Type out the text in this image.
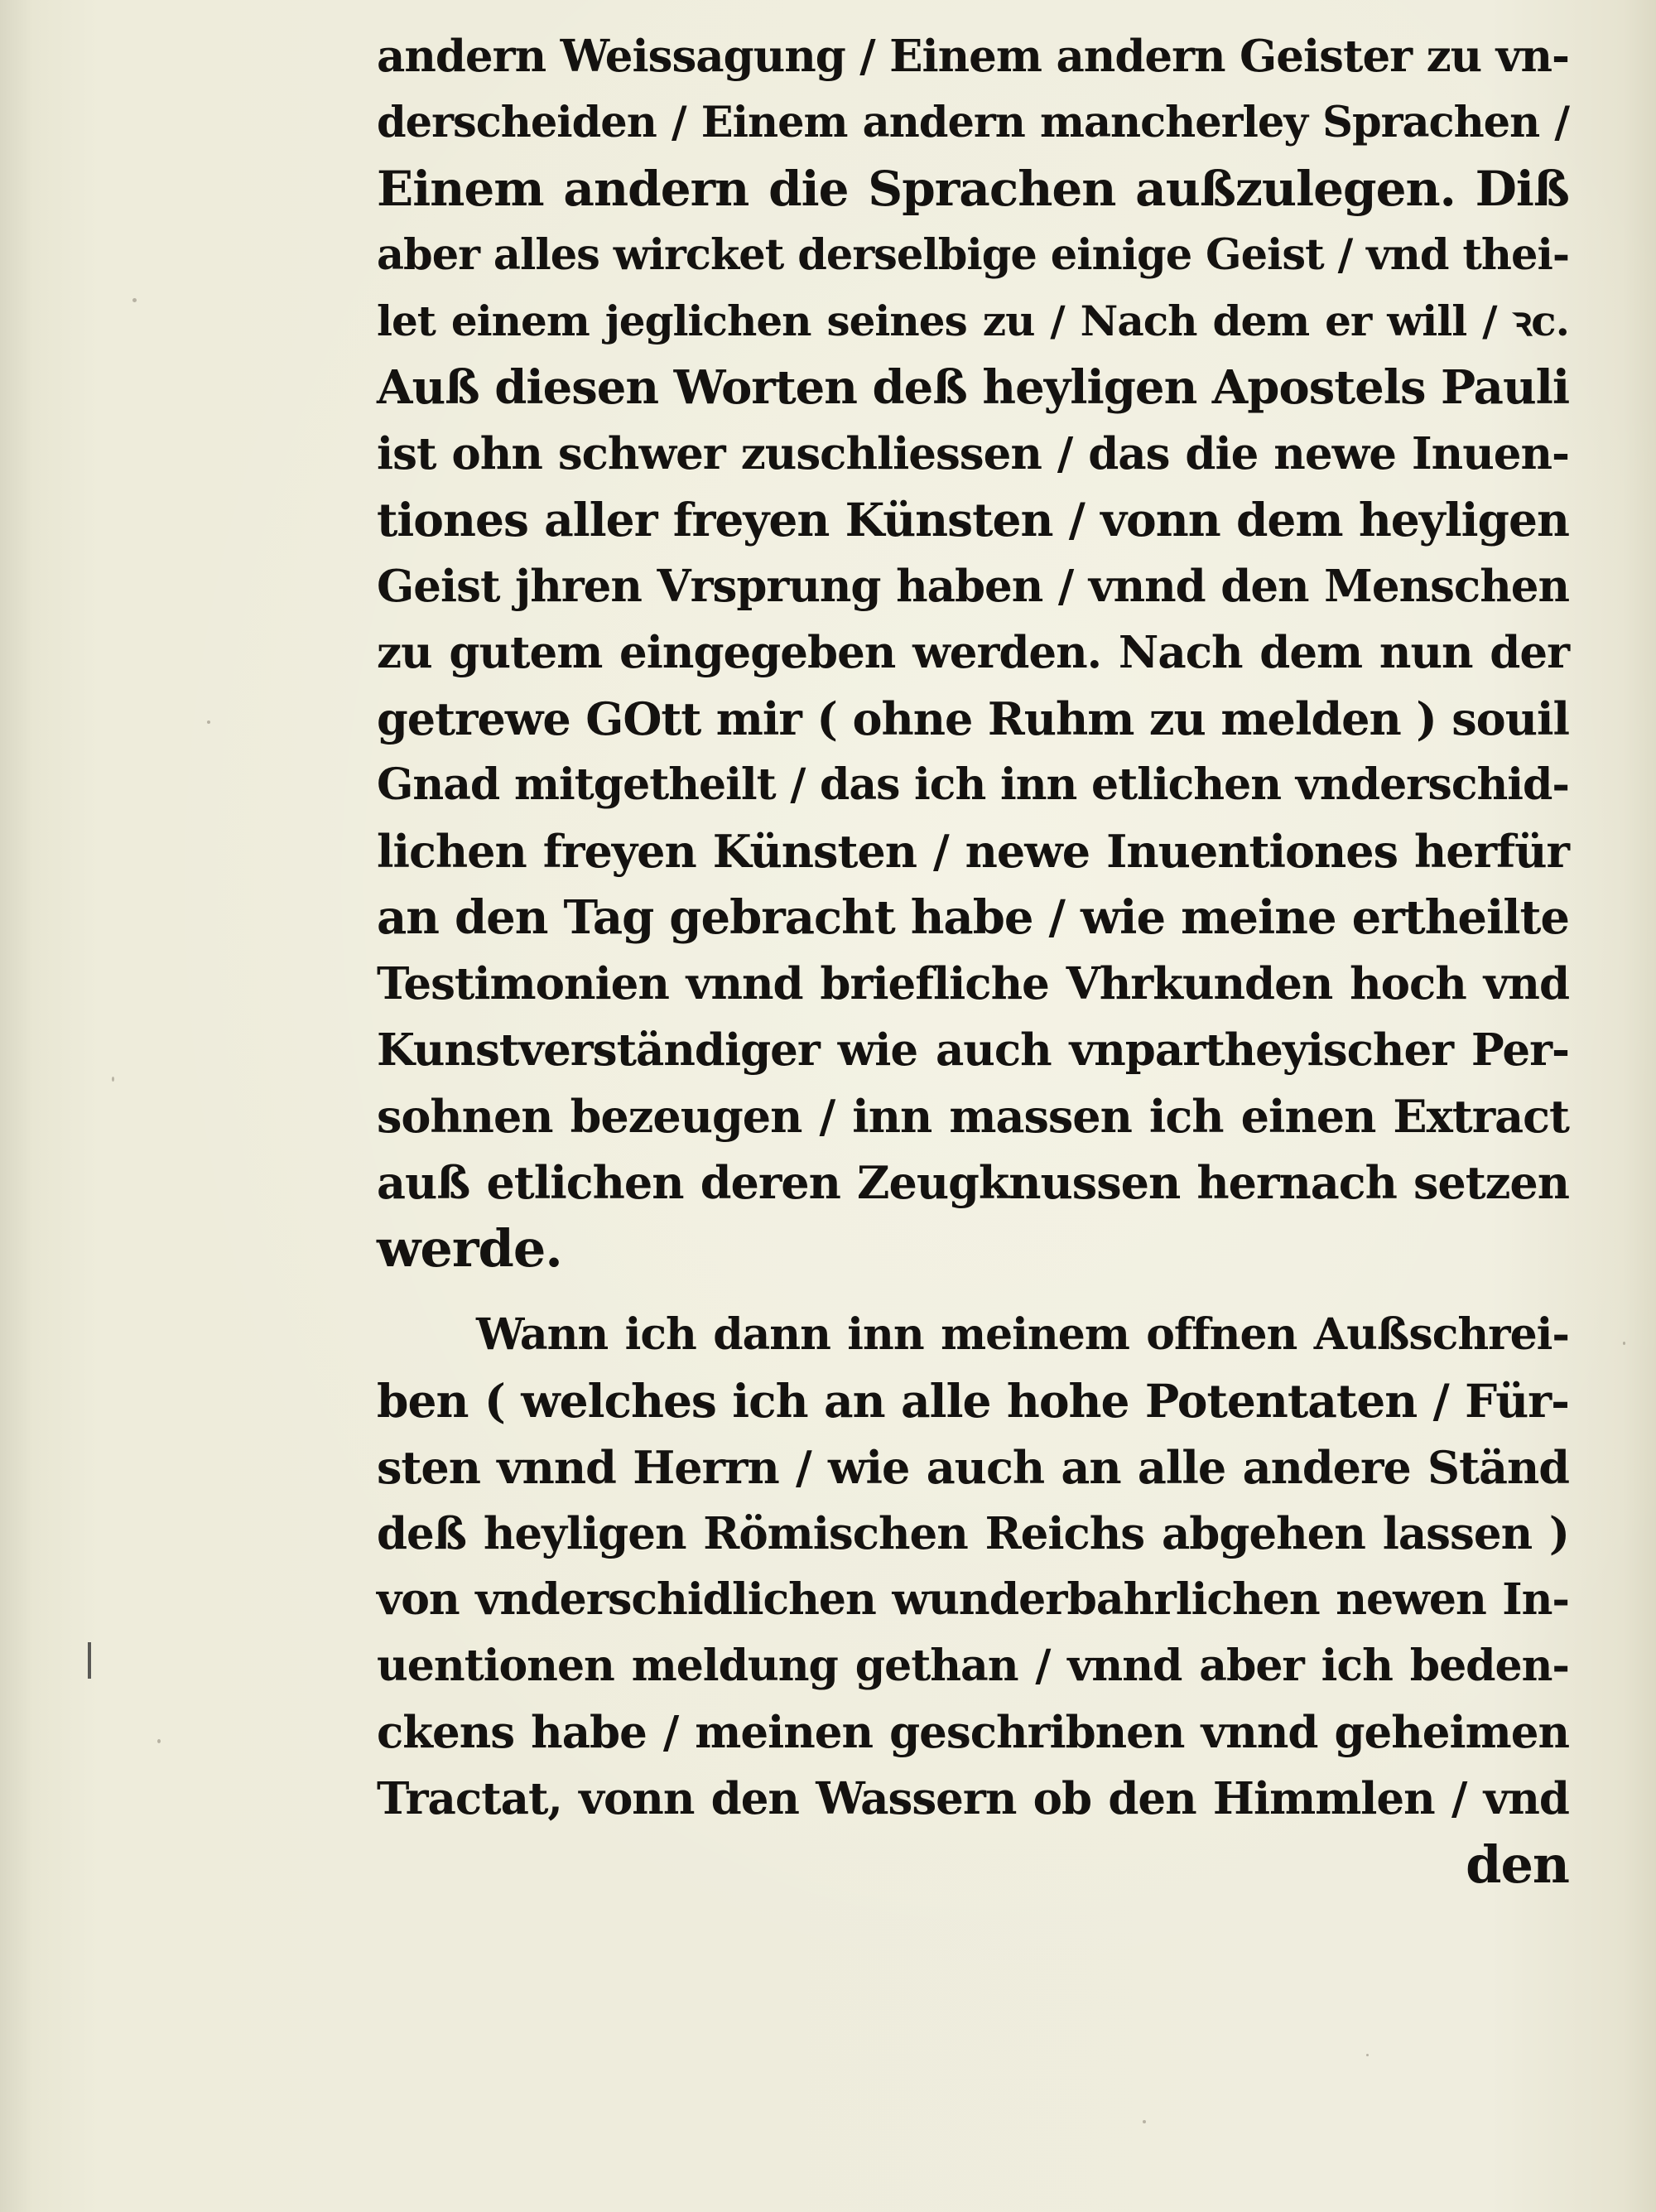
andern Weissagung / Einem andern Geister zu vn-
derscheiden / Einem andern mancherley Sprachen /
Einem andern die Sprachen außzulegen. Diß
aber alles wircket derselbige einige Geist / vnd thei-
let einem jeglichen seines zu / Nach dem er will / ꝛc.
Auß diesen Worten deß heyligen Apostels Pauli
ist ohn schwer zuschliessen / das die newe Inuen-
tiones aller freyen Künsten / vonn dem heyligen
Geist jhren Vrsprung haben / vnnd den Menschen
zu gutem eingegeben werden. Nach dem nun der
getrewe GOtt mir ( ohne Ruhm zu melden ) souil
Gnad mitgetheilt / das ich inn etlichen vnderschid-
lichen freyen Künsten / newe Inuentiones herfür
an den Tag gebracht habe / wie meine ertheilte
Testimonien vnnd briefliche Vhrkunden hoch vnd
Kunstverständiger wie auch vnpartheyischer Per-
sohnen bezeugen / inn massen ich einen Extract
auß etlichen deren Zeugknussen hernach setzen
werde.
Wann ich dann inn meinem offnen Außschrei-
ben ( welches ich an alle hohe Potentaten / Für-
sten vnnd Herrn / wie auch an alle andere Ständ
deß heyligen Römischen Reichs abgehen lassen )
von vnderschidlichen wunderbahrlichen newen In-
uentionen meldung gethan / vnnd aber ich beden-
ckens habe / meinen geschribnen vnnd geheimen
Tractat, vonn den Wassern ob den Himmlen / vnd
den
